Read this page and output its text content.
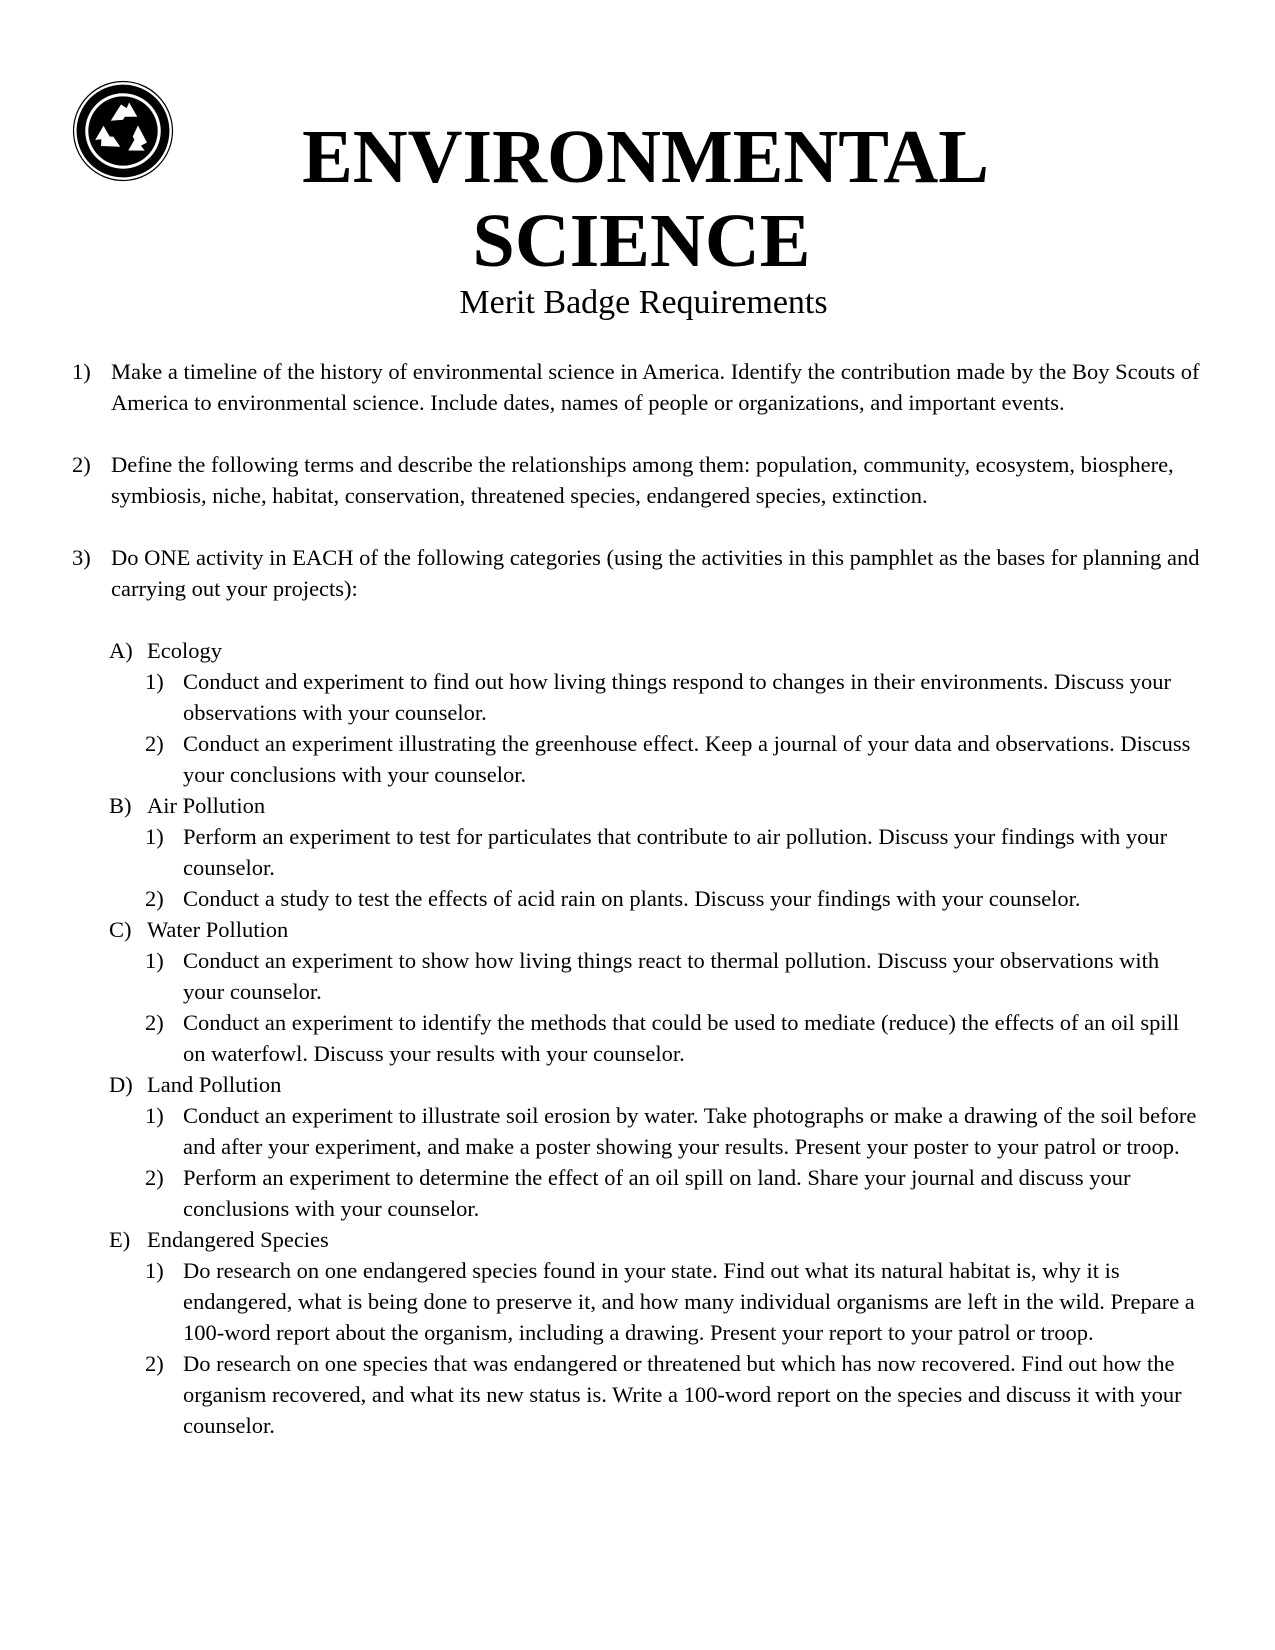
ENVIRONMENTAL
SCIENCE
Merit Badge Requirements
1) Make a timeline of the history of environmental science in America. Identify the contribution made by the Boy Scouts of America to environmental science. Include dates, names of people or organizations, and important events.
2) Define the following terms and describe the relationships among them: population, community, ecosystem, biosphere, symbiosis, niche, habitat, conservation, threatened species, endangered species, extinction.
3) Do ONE activity in EACH of the following categories (using the activities in this pamphlet as the bases for planning and carrying out your projects):
A) Ecology
1) Conduct and experiment to find out how living things respond to changes in their environments. Discuss your observations with your counselor.
2) Conduct an experiment illustrating the greenhouse effect. Keep a journal of your data and observations. Discuss your conclusions with your counselor.
B) Air Pollution
1) Perform an experiment to test for particulates that contribute to air pollution. Discuss your findings with your counselor.
2) Conduct a study to test the effects of acid rain on plants. Discuss your findings with your counselor.
C) Water Pollution
1) Conduct an experiment to show how living things react to thermal pollution. Discuss your observations with your counselor.
2) Conduct an experiment to identify the methods that could be used to mediate (reduce) the effects of an oil spill on waterfowl. Discuss your results with your counselor.
D) Land Pollution
1) Conduct an experiment to illustrate soil erosion by water. Take photographs or make a drawing of the soil before and after your experiment, and make a poster showing your results. Present your poster to your patrol or troop.
2) Perform an experiment to determine the effect of an oil spill on land. Share your journal and discuss your conclusions with your counselor.
E) Endangered Species
1) Do research on one endangered species found in your state. Find out what its natural habitat is, why it is endangered, what is being done to preserve it, and how many individual organisms are left in the wild. Prepare a 100-word report about the organism, including a drawing. Present your report to your patrol or troop.
2) Do research on one species that was endangered or threatened but which has now recovered. Find out how the organism recovered, and what its new status is. Write a 100-word report on the species and discuss it with your counselor.
